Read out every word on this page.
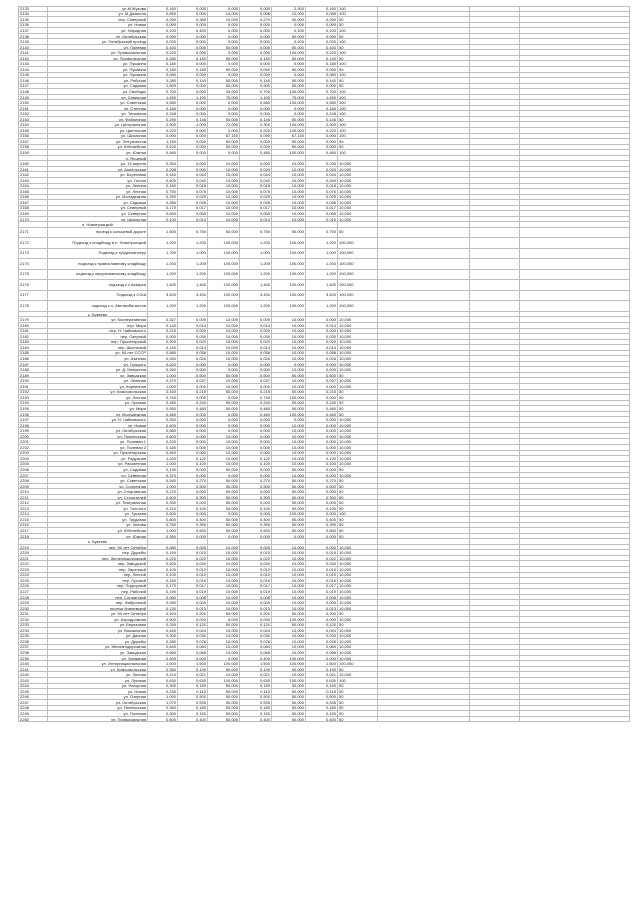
2133	ул.М.Жукова	0,160	0,000	0,000	0,000	2,300	0,160 100
2134	ул. М.Джалиля	0,850	0,000	14,000	0,008	10,000	0,085 100
2135	пер. Северный	0,090	0,360	10,000	0,270	30,000	0,090 50
2136	ул. Новая	0,090	0,000	0,000	0,000	0,000	0,090 50
2137	ул. Народная	0,100	0,400	0,000	0,000	0,100	0,100 100
2138	ул. Октябрьская	0,090	0,000	0,000	0,000	50,000	0,090 50
2139	ул. Октябрьский проезд	0,020	0,000	0,000	0,000	0,400	0,020 100
2140	ул. Полевая	0,440	0,000	50,000	0,000	50,000	0,440 50
2141	ул. Привокзальная	0,220	0,000	0,000	0,000	100,000	0,220 100
2142	ул. Профсоюзная	0,280	0,140	50,000	0,140	50,000	0,140 50
2143	ул. Пушкина	0,180	0,000	0,000	0,000	0,000	0,180 100
2144	ул. Пушкина	0,180	0,180	50,000	0,090	50,000	0,090 50
2145	ул. Пушкина	0,080	0,000	0,000	0,000	0,000	0,080 100
2146	ул. Рабочая	0,280	0,140	50,000	0,140	50,000	0,140 50
2147	ул. Садовая	1,800	0,000	50,000	0,900	50,000	0,900 50
2148	ул. Свободы	0,700	0,000	43,000	0,700	100,000	0,700 100
2149	ул. Северная	1,450	1,100	75,000	1,100	75,000	1,450 100
2150	ул. Советская	0,580	0,000	0,000	0,580	100,000	0,580 100
2151	ул. Степная	0,180	0,000	0,000	0,000	0,000	0,180 100
2152	ул. Тельмана	0,248	0,000	0,000	0,000	0,000	0,248 100
2153	ул. Фабричная	0,290	0,145	50,000	0,145	50,000	0,145 50
2154	ул. Центральная	2,300	1,000	72,000	2,300	100,000	2,300 100
2155	ул. Цветочная	0,220	0,000	0,000	0,220	100,000	0,220 100
2156	ул. Школьная	0,090	0,000	67,140	0,090	67,140	0,090 100
2157	ул. Энтузиастов	1,150	0,000	50,000	0,000	50,000	0,000 50
2158	ул. Юбилейная	0,100	0,000	50,000	0,000	50,000	0,000 50
2159	ул. Южная	0,480	0,000	0,000	0,480	100,000	0,480 100
п. Ягодный
2160	ул. 14 апреля	0,354	0,000	10,000	0,000	10,000	0,035 10,000
2161	ул. Апрельская	0,208	0,000	10,000	0,020	10,000	0,020 10,000
2162	ул. Береговая	0,440	0,044	10,000	0,044	10,000	0,044 10,000
2163	ул. Гоголя	0,400	0,040	10,000	0,040	10,000	0,040 10,000
2164	ул. Ленина	0,180	0,018	10,000	0,018	10,000	0,018 10,000
2165	ул. Лесная	0,750	0,075	10,000	0,075	10,000	0,075 10,000
2166	ул. Молодежная	0,250	0,025	10,000	0,025	10,000	0,025 10,000
2167	ул. Садовая	0,350	0,035	10,000	0,035	10,000	0,035 10,000
2168	ул. Северный	0,170	0,017	10,000	0,017	10,000	0,017 10,000
2169	ул. Северная	0,650	0,065	10,000	0,065	10,000	0,065 10,000
2170	ул. Школьная	0,100	0,010	10,000	0,010	10,000	0,010 10,000
п. Новотроицкий
2171	проезд к кольцевой дороге	1,500	0,750	50,000	0,750	50,000	0,750 50
2172	Подъезд к кладбищу в п. Новотроицкий	1,200	1,200	100,000	1,200	100,000	1,200 100,000
2173	Подъезд к тубдиспансеру	1,700	1,000	100,000	1,000	100,000	1,000 100,000
2174	подъезд к православному кладбищу	1,200	1,200	100,000	1,200	100,000	1,200 100,000
2175	подъезд к мусульманскому кладбищу	1,200	1,200	100,000	1,200	100,000	1,200 100,000
2176	подъезд к с.Акзарья	1,400	1,400	100,000	1,400	100,000	1,400 100,000
2177	Подъезд к СОШ	3,400	3,400	100,000	3,400	100,000	3,400 100,000
2178	подъезд к п. Автомобилистов	1,200	1,200	100,000	1,200	100,000	1,200 100,000
с. Букеево
2179	ул. Кооперативная	0,327	0,000	10,000	0,000	10,000	0,000 10,000
2180	пер. Мира	0,140	0,014	10,000	0,014	10,000	0,014 10,000
2181	пер. Н. Чайковского	0,215	0,000	10,000	0,000	10,000	0,000 10,000
2182	пер. Озерный	0,300	0,030	10,000	0,030	10,000	0,030 10,000
2183	пер. Пролетарский	0,200	0,020	10,000	0,020	10,000	0,020 10,000
2184	пер. Школьный	0,140	0,014	10,000	0,014	10,000	0,014 10,000
2185	ул. 60 лет СССР	0,580	0,058	10,000	0,058	10,000	0,058 10,000
2186	ул. Азатлык	0,260	0,026	10,000	0,026	10,000	0,026 10,000
2187	ул. Горького	0,620	0,000	0,000	0,000	0,000	0,000 10,000
2188	ул. Д. Минулина	0,260	0,000	0,000	0,000	10,000	0,000 10,000
2189	ул. Заводская	1,000	0,500	50,000	0,500	50,000	0,500 50
2190	ул. Зеленая	0,370	0,037	10,000	0,037	10,000	0,037 10,000
2191	ул. Кирпичная	1,000	0,000	10,000	0,000	10,000	0,000 10,000
2192	ул. Комсомольская	0,430	0,215	50,000	0,215	50,000	0,215 50
2193	ул. Лесная	0,740	0,000	0,000	0,740	100,000	0,000 50
2194	ул. Луговая	0,480	0,240	50,000	0,240	50,000	0,240 50
2195	ул. Мира	0,950	0,480	50,000	0,480	50,000	0,480 50
2196	ул. Молодежная	0,460	0,000	0,000	0,460	100,000	0,460 50
2197	ул. Н. Чайковского	0,350	0,000	0,000	0,000	0,000	0,000 10,000
2198	ул. Новая	0,400	0,000	0,000	0,000	10,000	0,000 10,000
2199	ул. Октябрьская	0,580	0,000	0,000	0,000	10,000	0,000 10,000
2200	ул. Пионерская	0,600	0,000	10,000	0,000	10,000	0,000 10,000
2201	ул. Полевая 1	0,220	0,000	10,000	0,000	10,000	0,000 10,000
2202	ул. Полевая 2	0,180	0,000	10,000	0,000	10,000	0,000 10,000
2203	ул. Пролетарская	0,460	0,000	10,000	0,000	10,000	0,000 10,000
2204	ул. Радужная	1,200	0,120	10,000	0,120	10,000	0,120 10,000
2205	ул. Рассветная	1,000	0,100	10,000	0,100	10,000	0,100 10,000
2206	ул. Садовая	0,190	0,000	50,000	0,000	50,000	0,000 50
2207	ул. Северная	0,370	0,000	0,000	0,000	10,000	0,000 10,000
2208	ул. Советская	0,540	0,270	50,000	0,270	50,000	0,270 50
2209	ул. Солнечная	1,000	0,500	50,000	0,500	50,000	0,500 50
2210	ул. Спортивная	0,270	0,000	50,000	0,000	50,000	0,000 50
2211	ул. Строителей	0,600	0,300	50,000	0,300	50,000	0,300 50
2212	ул. Театральная	0,330	0,000	50,000	0,000	50,000	0,000 50
2213	ул. Толстого	0,210	0,100	50,000	0,100	50,000	0,100 50
2214	ул. Тукаева	0,600	0,000	0,000	0,000	100,000	0,000 100
2215	ул. Трудовая	0,800	0,400	50,000	0,400	50,000	0,400 50
2216	ул. Чехова	0,780	0,390	50,000	0,390	50,000	0,390 50
2217	ул. Юбилейная	1,000	0,500	50,000	0,500	50,000	0,500 50
2218	ул. Южная	0,350	0,000	0,000	0,000	0,000	0,000 50
с. Букеево
2219	пер. 50 лет Октября	0,080	0,000	10,000	0,000	10,000	0,000 10,000
2220	пер. Дружбы	0,150	0,015	10,000	0,015	10,000	0,015 10,000
2221	пер. Железнодорожный	0,220	0,022	10,000	0,022	10,000	0,022 10,000
2222	пер. Заводской	0,400	0,040	10,000	0,040	10,000	0,040 10,000
2223	пер. Заречный	0,100	0,010	10,000	0,010	10,000	0,010 10,000
2224	пер. Лесной	0,100	0,010	10,000	0,010	10,000	0,010 10,000
2225	пер. Луговой	0,160	0,016	10,000	0,016	10,000	0,016 10,000
2226	пер. Подгорный	0,170	0,017	10,000	0,017	10,000	0,017 10,000
2227	пер. Рабочий	0,190	0,019	10,000	0,019	10,000	0,019 10,000
2228	пер. Солдатский	0,080	0,008	10,000	0,008	10,000	0,008 10,000
2229	пер. Фабричный	0,050	0,005	10,000	0,005	10,000	0,005 10,000
2230	проезд Урмиевский	0,130	0,013	10,000	0,013	10,000	0,013 10,000
2231	ул. 50 лет Октября	0,400	0,200	50,000	0,200	50,000	0,200 50
2232	ул. Аэродромная	0,900	0,000	0,000	0,090	100,000	0,000 10,000
2233	ул. Березовая	0,240	0,120	50,000	0,120	50,000	0,120 50
2234	ул. Вокзальная	0,440	0,044	10,000	0,044	10,000	0,044 10,000
2235	ул. Дачная	0,300	0,030	10,000	0,030	10,000	0,030 10,000
2236	ул. Дружбы	0,280	0,028	10,000	0,028	10,000	0,028 10,000
2237	ул. Железнодорожная	0,840	0,084	10,000	0,084	10,000	0,084 10,000
2238	ул. Заводская	0,660	0,066	10,000	0,066	10,000	0,066 10,000
2239	ул. Западная	0,400	0,000	0,000	0,400	100,000	0,000 10,000
2240	ул. Интернациональная	1,500	1,500	100,000	1,500	100,000	1,500 100,000
2241	ул. Комсомольская	0,380	0,190	50,000	0,190	50,000	0,190 50
2242	ул. Лесная	0,210	0,021	10,000	0,021	10,000	0,021 10,000
2243	ул. Луговая	0,630	0,630	100,000	0,630	100,000	0,630 100
2244	ул. Нагорная	0,300	0,150	50,000	0,150	50,000	0,150 50
2245	ул. Новая	0,230	0,115	50,000	0,115	50,000	0,115 50
2246	ул. Озерная	1,000	0,500	50,000	0,500	50,000	0,500 50
2247	ул. Октябрьская	1,070	0,535	50,000	0,535	50,000	0,535 50
2248	ул. Пионерская	0,360	0,180	50,000	0,180	50,000	0,180 50
2249	ул. Полевая	0,300	0,150	50,000	0,150	50,000	0,150 50
2250	ул. Привокзальная	0,800	0,400	50,000	0,400	50,000	0,400 50
